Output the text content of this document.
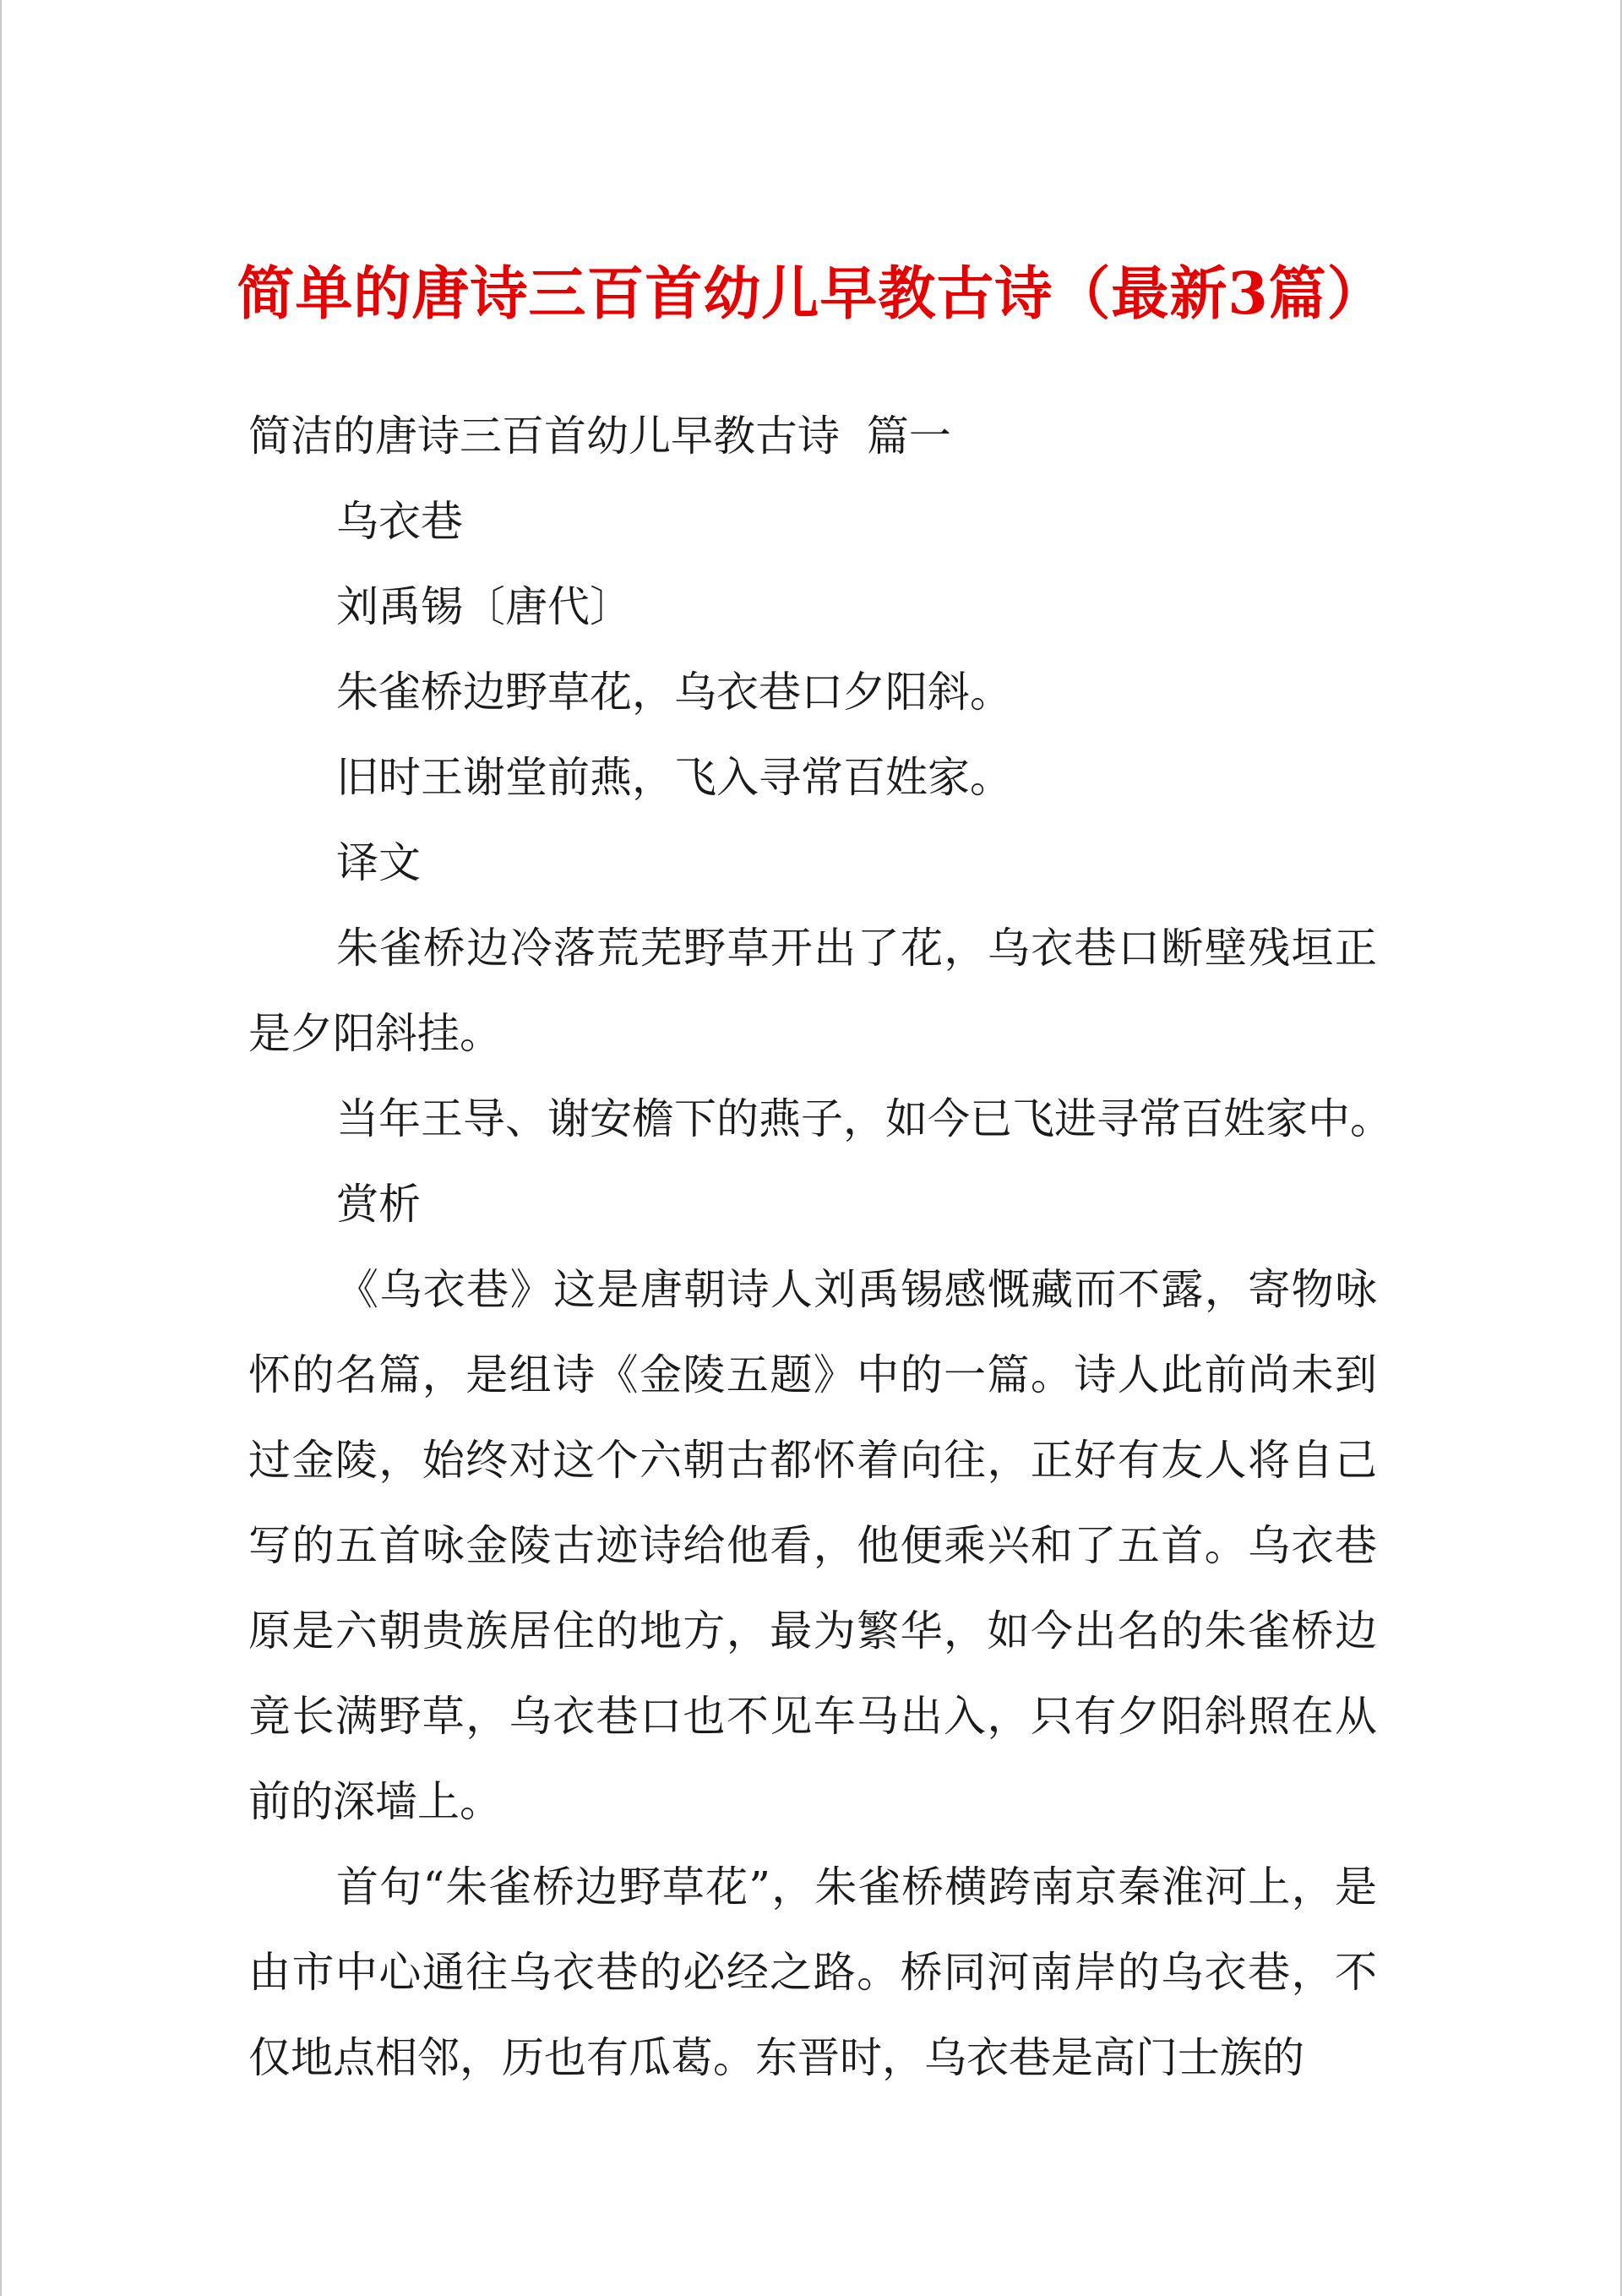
简单的唐诗三百首幼儿早教古诗（最新3篇）

简洁的唐诗三百首幼儿早教古诗  篇一

乌衣巷

刘禹锡〔唐代〕

朱雀桥边野草花，乌衣巷口夕阳斜。

旧时王谢堂前燕，飞入寻常百姓家。

译文

朱雀桥边冷落荒芜野草开出了花，乌衣巷口断壁残垣正是夕阳斜挂。

当年王导、谢安檐下的燕子，如今已飞进寻常百姓家中。

赏析

《乌衣巷》这是唐朝诗人刘禹锡感慨藏而不露，寄物咏怀的名篇，是组诗《金陵五题》中的一篇。诗人此前尚未到过金陵，始终对这个六朝古都怀着向往，正好有友人将自己写的五首咏金陵古迹诗给他看，他便乘兴和了五首。乌衣巷原是六朝贵族居住的地方，最为繁华，如今出名的朱雀桥边竟长满野草，乌衣巷口也不见车马出入，只有夕阳斜照在从前的深墙上。

首句“朱雀桥边野草花”，朱雀桥横跨南京秦淮河上，是由市中心通往乌衣巷的必经之路。桥同河南岸的乌衣巷，不仅地点相邻，历也有瓜葛。东晋时，乌衣巷是高门士族的
